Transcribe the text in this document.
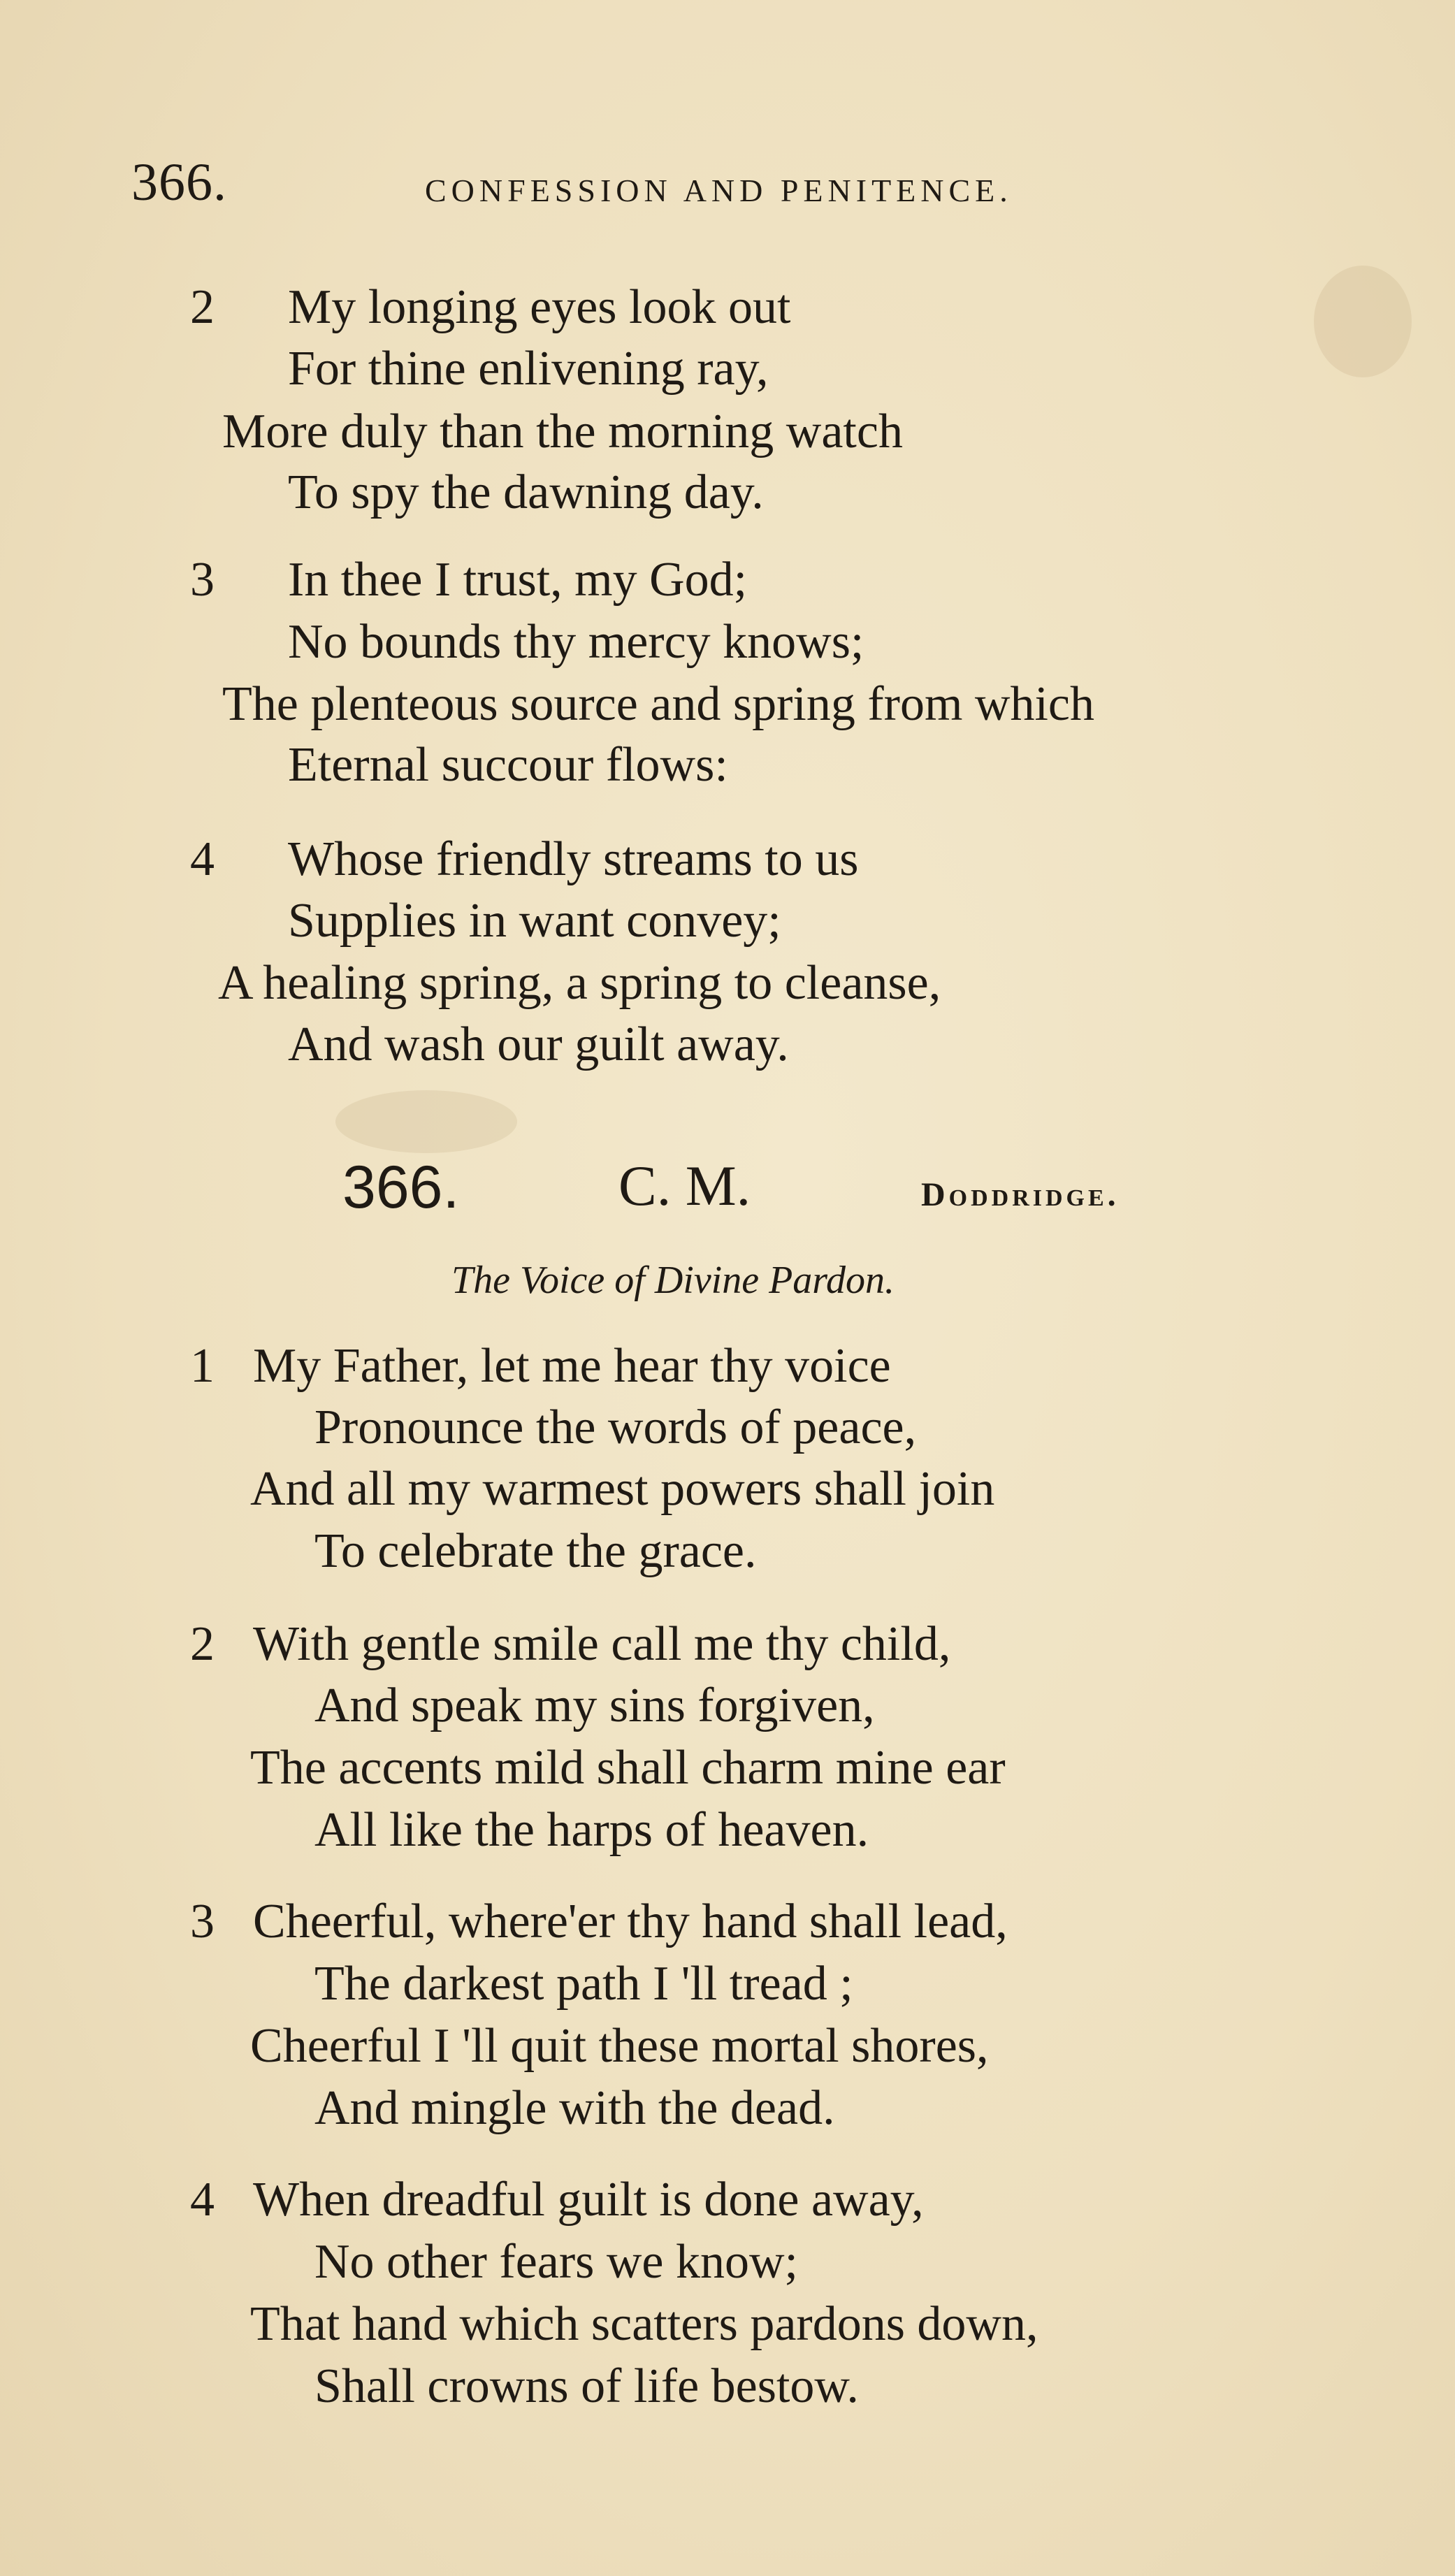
366.	CONFESSION AND PENITENCE.
2 My longing eyes look out
For thine enlivening ray,
More duly than the morning watch
To spy the dawning day.
3 In thee I trust, my God;
No bounds thy mercy knows;
The plenteous source and spring from which
Eternal succour flows:
4 Whose friendly streams to us
Supplies in want convey;
A healing spring, a spring to cleanse,
And wash our guilt away.
366.	C. M.	Doddridge.
The Voice of Divine Pardon.
1 My Father, let me hear thy voice
Pronounce the words of peace,
And all my warmest powers shall join
To celebrate the grace.
2 With gentle smile call me thy child,
And speak my sins forgiven,
The accents mild shall charm mine ear
All like the harps of heaven.
3 Cheerful, where'er thy hand shall lead,
The darkest path I 'll tread ;
Cheerful I 'll quit these mortal shores,
And mingle with the dead.
4 When dreadful guilt is done away,
No other fears we know;
That hand which scatters pardons down,
Shall crowns of life bestow.
